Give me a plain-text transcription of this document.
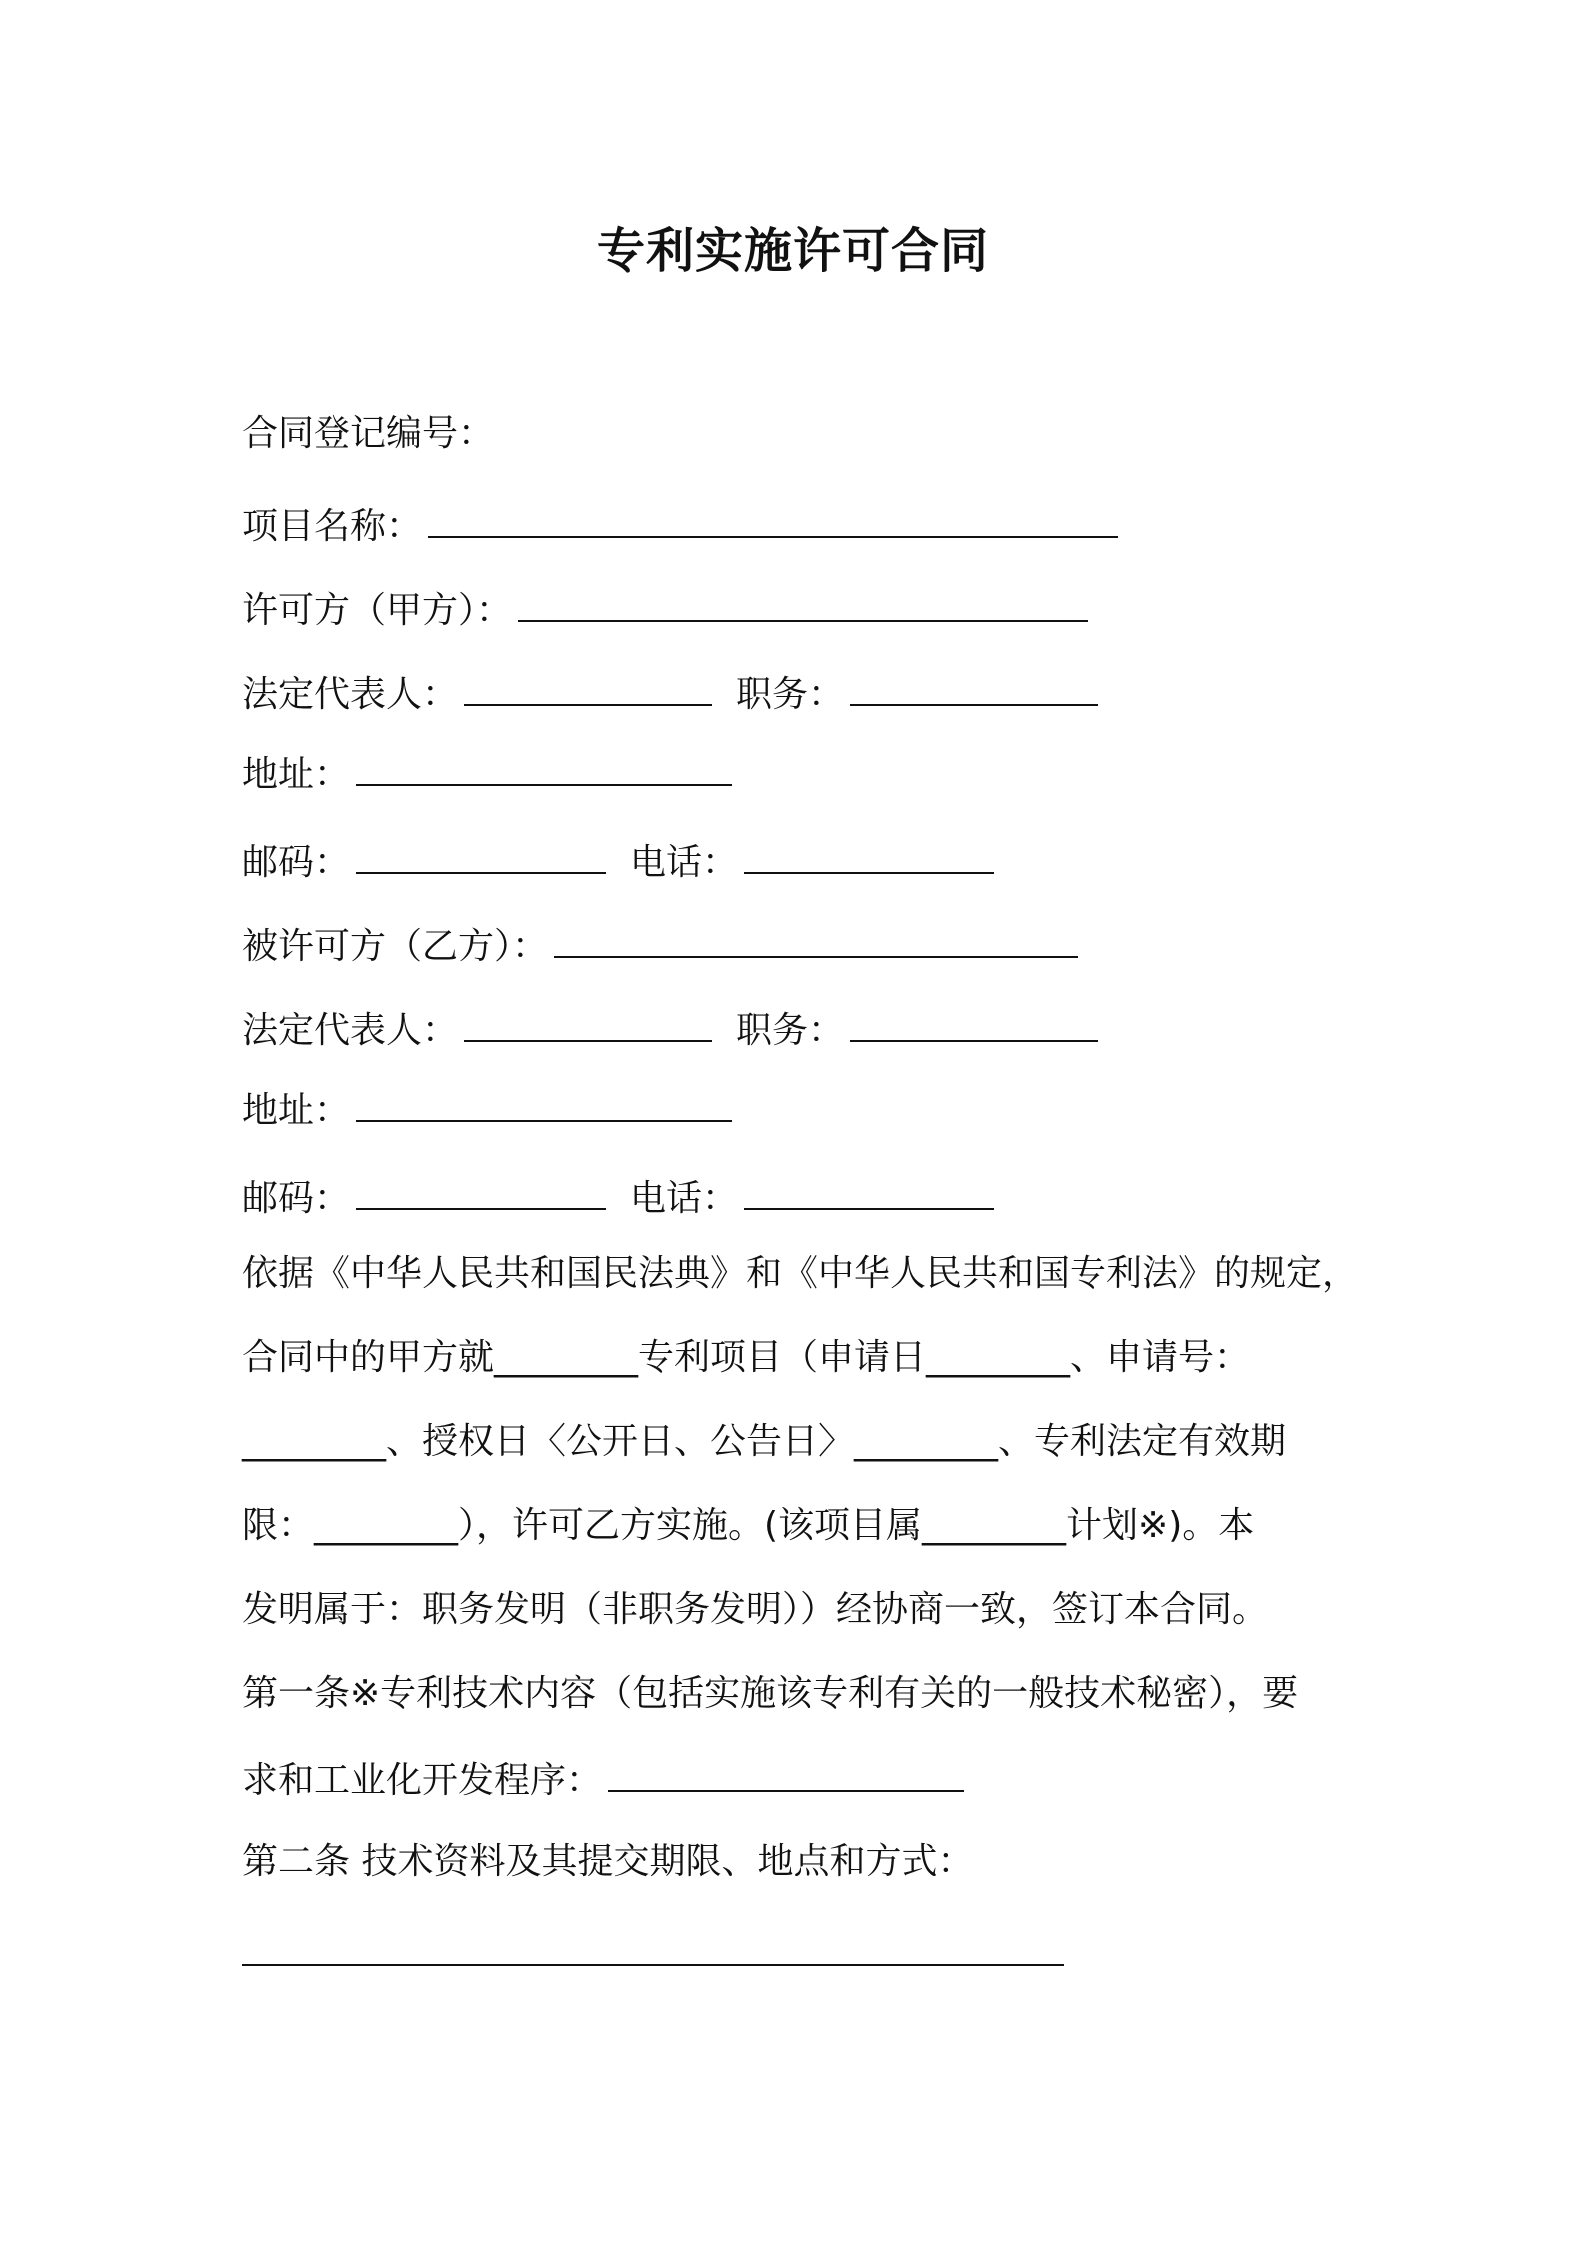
专利实施许可合同
合同登记编号：
项目名称：
许可方（甲方）：
法定代表人：	职务：
地址：
邮码：	电话：
被许可方（乙方）：
法定代表人：	职务：
地址：
邮码：	电话：
依据《中华人民共和国民法典》和《中华人民共和国专利法》的规定，
合同中的甲方就________专利项目（申请日________、申请号：
________、授权日〈公开日、公告日〉________、专利法定有效期
限：________），许可乙方实施。(该项目属________计划※)。本
发明属于：职务发明（非职务发明））经协商一致，签订本合同。
第一条※专利技术内容（包括实施该专利有关的一般技术秘密），要
求和工业化开发程序：
第二条 技术资料及其提交期限、地点和方式：
